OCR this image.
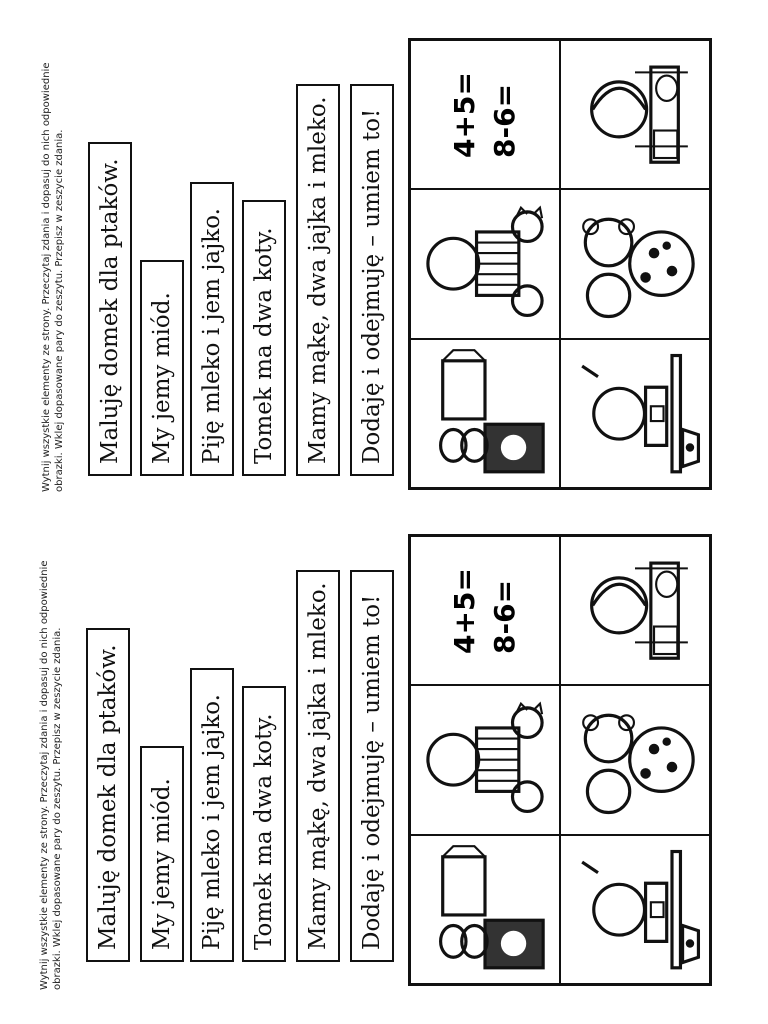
Wytnij wszystkie elementy ze strony. Przeczytaj zdania i dopasuj do nich odpowiednie obrazki. Wklej dopasowane pary do zeszytu. Przepisz w zeszycie zdania. Maluję domek dla ptaków. My jemy miód. Piję mleko i jem jajko. Tomek ma dwa koty. Mamy mąkę, dwa jajka i mleko. Dodaję i odejmuję – umiem to! 4+5= 8-6=
Wytnij wszystkie elementy ze strony. Przeczytaj zdania i dopasuj do nich odpowiednie obrazki. Wklej dopasowane pary do zeszytu. Przepisz w zeszycie zdania. Maluję domek dla ptaków. My jemy miód. Piję mleko i jem jajko. Tomek ma dwa koty. Mamy mąkę, dwa jajka i mleko. Dodaję i odejmuję – umiem to! 4+5= 8-6=
